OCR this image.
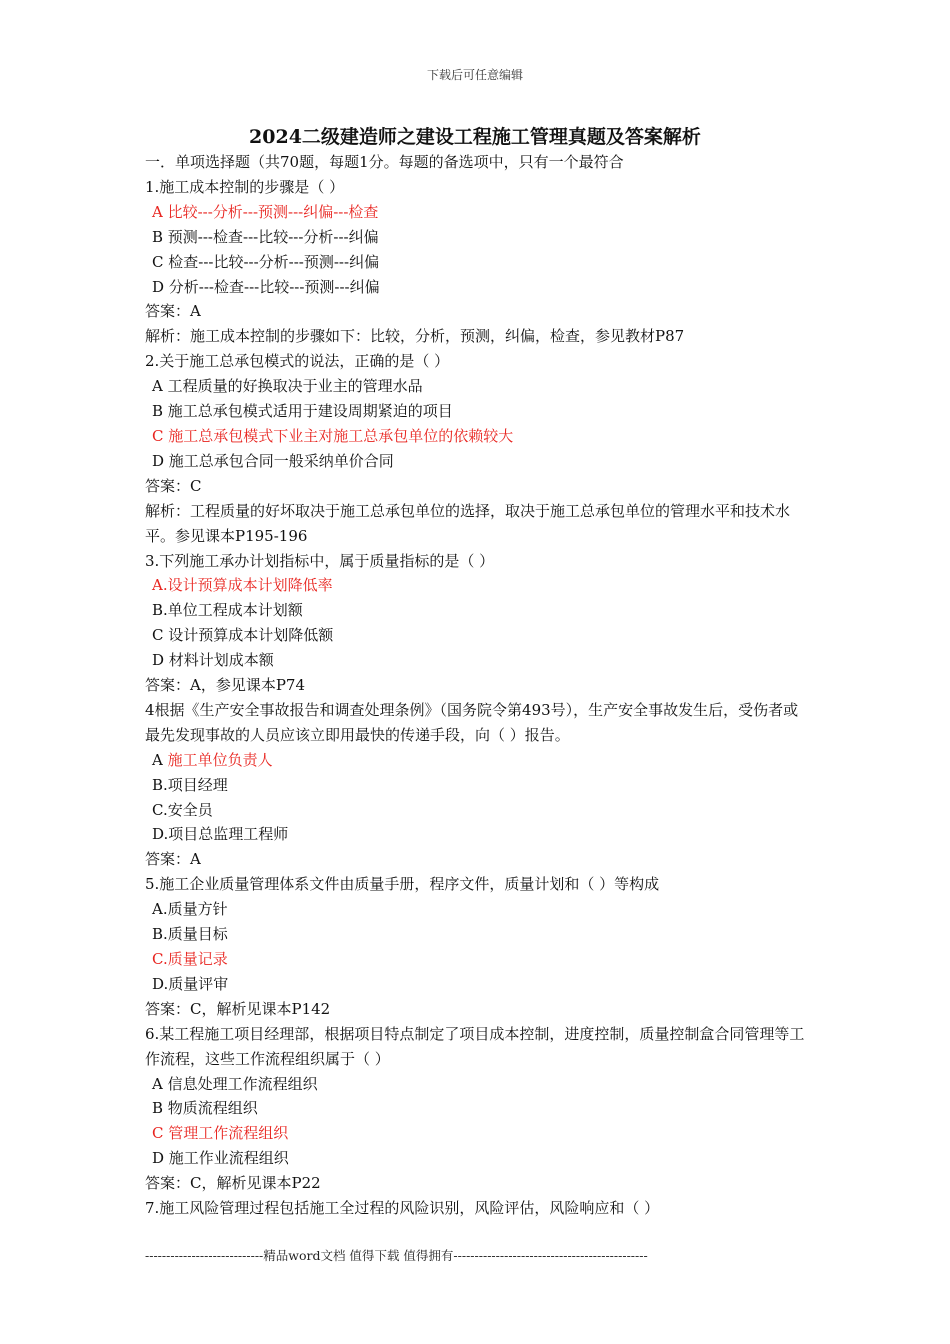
下载后可任意编辑
2024二级建造师之建设工程施工管理真题及答案解析
一．单项选择题（共70题，每题1分。每题的备选项中，只有一个最符合
1.施工成本控制的步骤是（ ）
A 比较---分析---预测---纠偏---检查
B 预测---检查---比较---分析---纠偏
C 检查---比较---分析---预测---纠偏
D 分析---检查---比较---预测---纠偏
答案：A
解析：施工成本控制的步骤如下：比较，分析，预测，纠偏，检查，参见教材P87
2.关于施工总承包模式的说法，正确的是（ ）
A 工程质量的好换取决于业主的管理水品
B 施工总承包模式适用于建设周期紧迫的项目
C 施工总承包模式下业主对施工总承包单位的依赖较大
D 施工总承包合同一般采纳单价合同
答案：C
解析：工程质量的好坏取决于施工总承包单位的选择，取决于施工总承包单位的管理水平和技术水平。参见课本P195-196
3.下列施工承办计划指标中，属于质量指标的是（ ）
A.设计预算成本计划降低率
B.单位工程成本计划额
C 设计预算成本计划降低额
D 材料计划成本额
答案：A，参见课本P74
4根据《生产安全事故报告和调查处理条例》（国务院令第493号），生产安全事故发生后，受伤者或最先发现事故的人员应该立即用最快的传递手段，向（ ）报告。
A 施工单位负责人
B.项目经理
C.安全员
D.项目总监理工程师
答案：A
5.施工企业质量管理体系文件由质量手册，程序文件，质量计划和（ ）等构成
A.质量方针
B.质量目标
C.质量记录
D.质量评审
答案：C，解析见课本P142
6.某工程施工项目经理部，根据项目特点制定了项目成本控制，进度控制，质量控制盒合同管理等工作流程，这些工作流程组织属于（ ）
A 信息处理工作流程组织
B 物质流程组织
C 管理工作流程组织
D 施工作业流程组织
答案：C，解析见课本P22
7.施工风险管理过程包括施工全过程的风险识别，风险评估，风险响应和（ ）
----------------------------精品word文档 值得下载 值得拥有----------------------------------------------
